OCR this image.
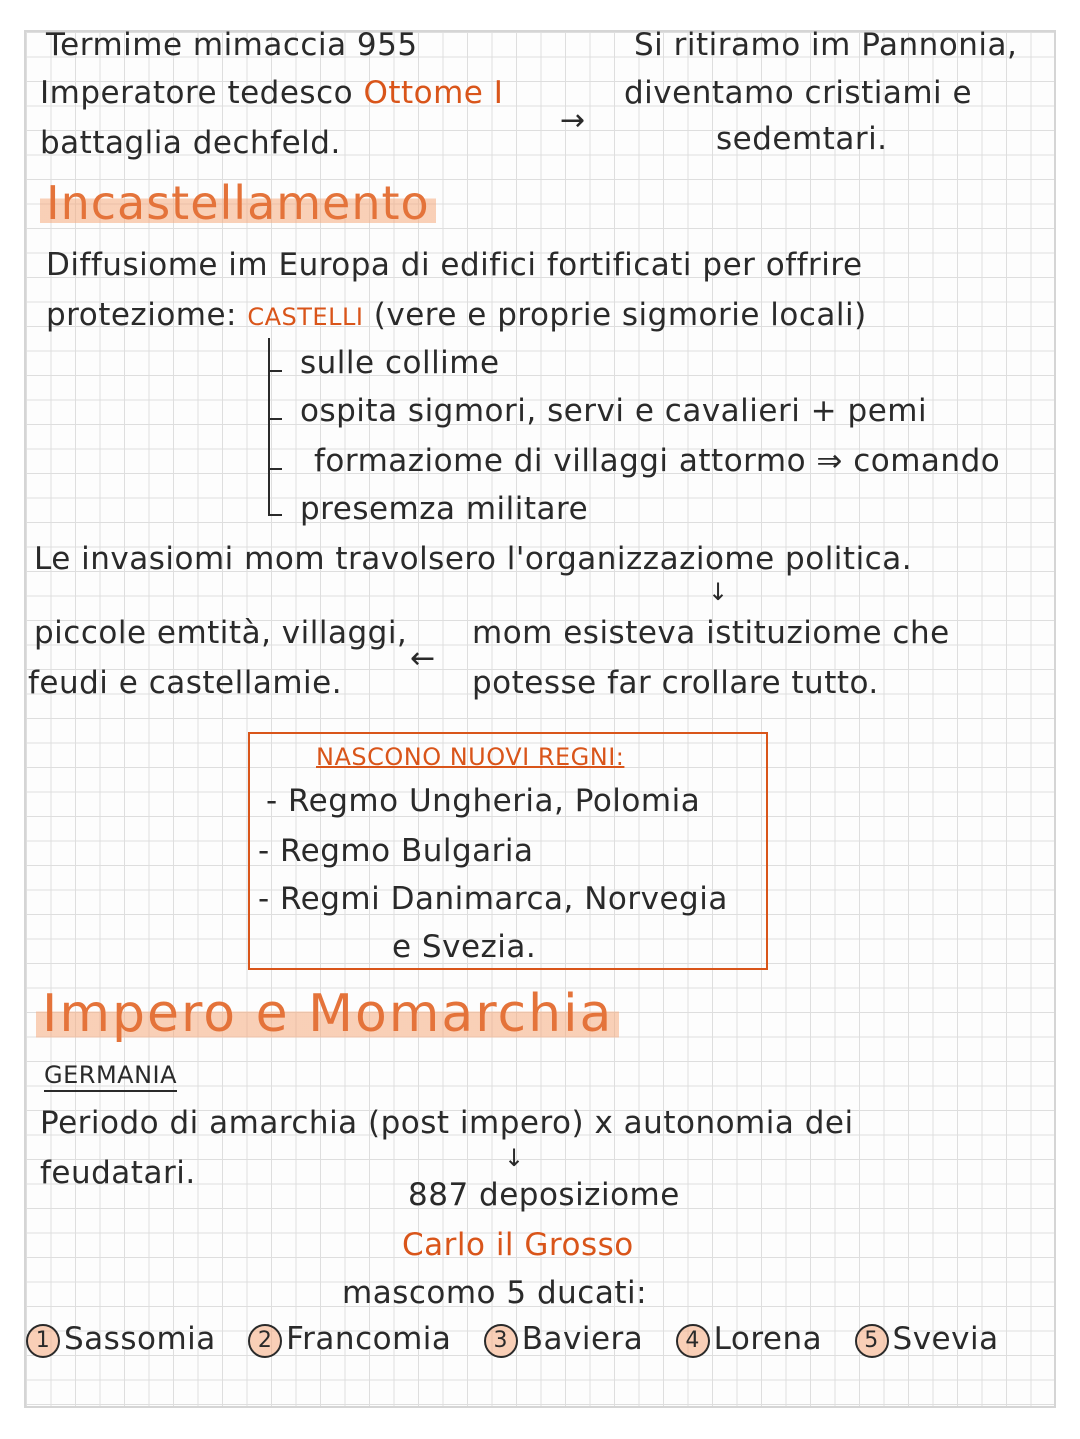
Termime mimaccia 955
Imperatore tedesco Ottome I
battaglia dechfeld.
→
Si ritiramo im Pannonia,
diventamo cristiami e
sedemtari.
Incastellamento
Diffusiome im Europa di edifici fortificati per offrire
proteziome: CASTELLI (vere e proprie sigmorie locali)
sulle collime
ospita sigmori, servi e cavalieri + pemi
formaziome di villaggi attormo ⇒ comando
presemza militare
Le invasiomi mom travolsero l'organizzaziome politica.
↓
piccole emtità, villaggi,
feudi e castellamie.
←
mom esisteva istituziome che
potesse far crollare tutto.
NASCONO NUOVI REGNI:
- Regmo Ungheria, Polomia
- Regmo Bulgaria
- Regmi Danimarca, Norvegia
e Svezia.
Impero e Momarchia
GERMANIA
Periodo di amarchia (post impero) x autonomia dei
feudatari.	↓
887 deposiziome
Carlo il Grosso
mascomo 5 ducati:
1 Sassomia 2 Francomia 3 Baviera 4 Lorena 5 Svevia
